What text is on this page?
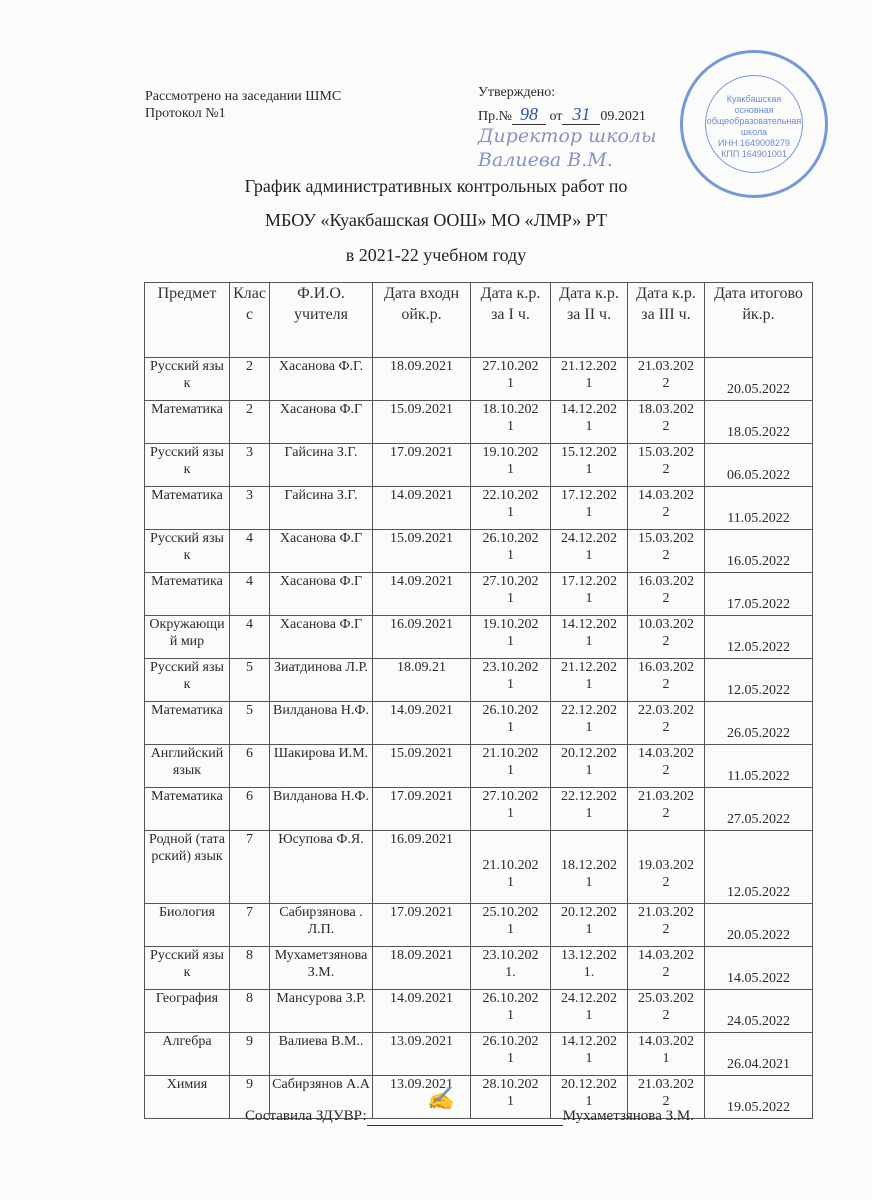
Рассмотрено на заседании ШМС
Протокол №1
Утверждено:
Пр.№ 98 от 31 09.2021
Директор школы
Валиева В.М.
Куакбашская
основная
общеобразовательная
школа
ИНН 1649008279
КПП 164901001
График административных контрольных работ по
МБОУ «Куакбашская ООШ» МО «ЛМР» РТ
в 2021-22 учебном году
Предмет	Класс	Ф.И.О. учителя	Дата входнойк.р.	Дата к.р. за I ч.	Дата к.р. за II ч.	Дата к.р. за III ч.	Дата итоговойк.р.
Русский язык	2	Хасанова Ф.Г.	18.09.2021	27.10.2021	21.12.2021	21.03.2022	20.05.2022
Математика	2	Хасанова Ф.Г	15.09.2021	18.10.2021	14.12.2021	18.03.2022	18.05.2022
Русский язык	3	Гайсина З.Г.	17.09.2021	19.10.2021	15.12.2021	15.03.2022	06.05.2022
Математика	3	Гайсина З.Г.	14.09.2021	22.10.2021	17.12.2021	14.03.2022	11.05.2022
Русский язык	4	Хасанова Ф.Г	15.09.2021	26.10.2021	24.12.2021	15.03.2022	16.05.2022
Математика	4	Хасанова Ф.Г	14.09.2021	27.10.2021	17.12.2021	16.03.2022	17.05.2022
Окружающий мир	4	Хасанова Ф.Г	16.09.2021	19.10.2021	14.12.2021	10.03.2022	12.05.2022
Русский язык	5	Зиатдинова Л.Р.	18.09.21	23.10.2021	21.12.2021	16.03.2022	12.05.2022
Математика	5	Вилданова Н.Ф.	14.09.2021	26.10.2021	22.12.2021	22.03.2022	26.05.2022
Английский язык	6	Шакирова И.М.	15.09.2021	21.10.2021	20.12.2021	14.03.2022	11.05.2022
Математика	6	Вилданова Н.Ф.	17.09.2021	27.10.2021	22.12.2021	21.03.2022	27.05.2022
Родной (татарский) язык	7	Юсупова Ф.Я.	16.09.2021	21.10.2021	18.12.2021	19.03.2022	12.05.2022
Биология	7	Сабирзянова . Л.П.	17.09.2021	25.10.2021	20.12.2021	21.03.2022	20.05.2022
Русский язык	8	Мухаметзянова З.М.	18.09.2021	23.10.2021.	13.12.2021.	14.03.2022	14.05.2022
География	8	Мансурова З.Р.	14.09.2021	26.10.2021	24.12.2021	25.03.2022	24.05.2022
Алгебра	9	Валиева В.М..	13.09.2021	26.10.2021	14.12.2021	14.03.2021	26.04.2021
Химия	9	Сабирзянов А.А	13.09.2021	28.10.2021	20.12.2021	21.03.2022	19.05.2022
Составила ЗДУВР:
✍
Мухаметзянова З.М.
